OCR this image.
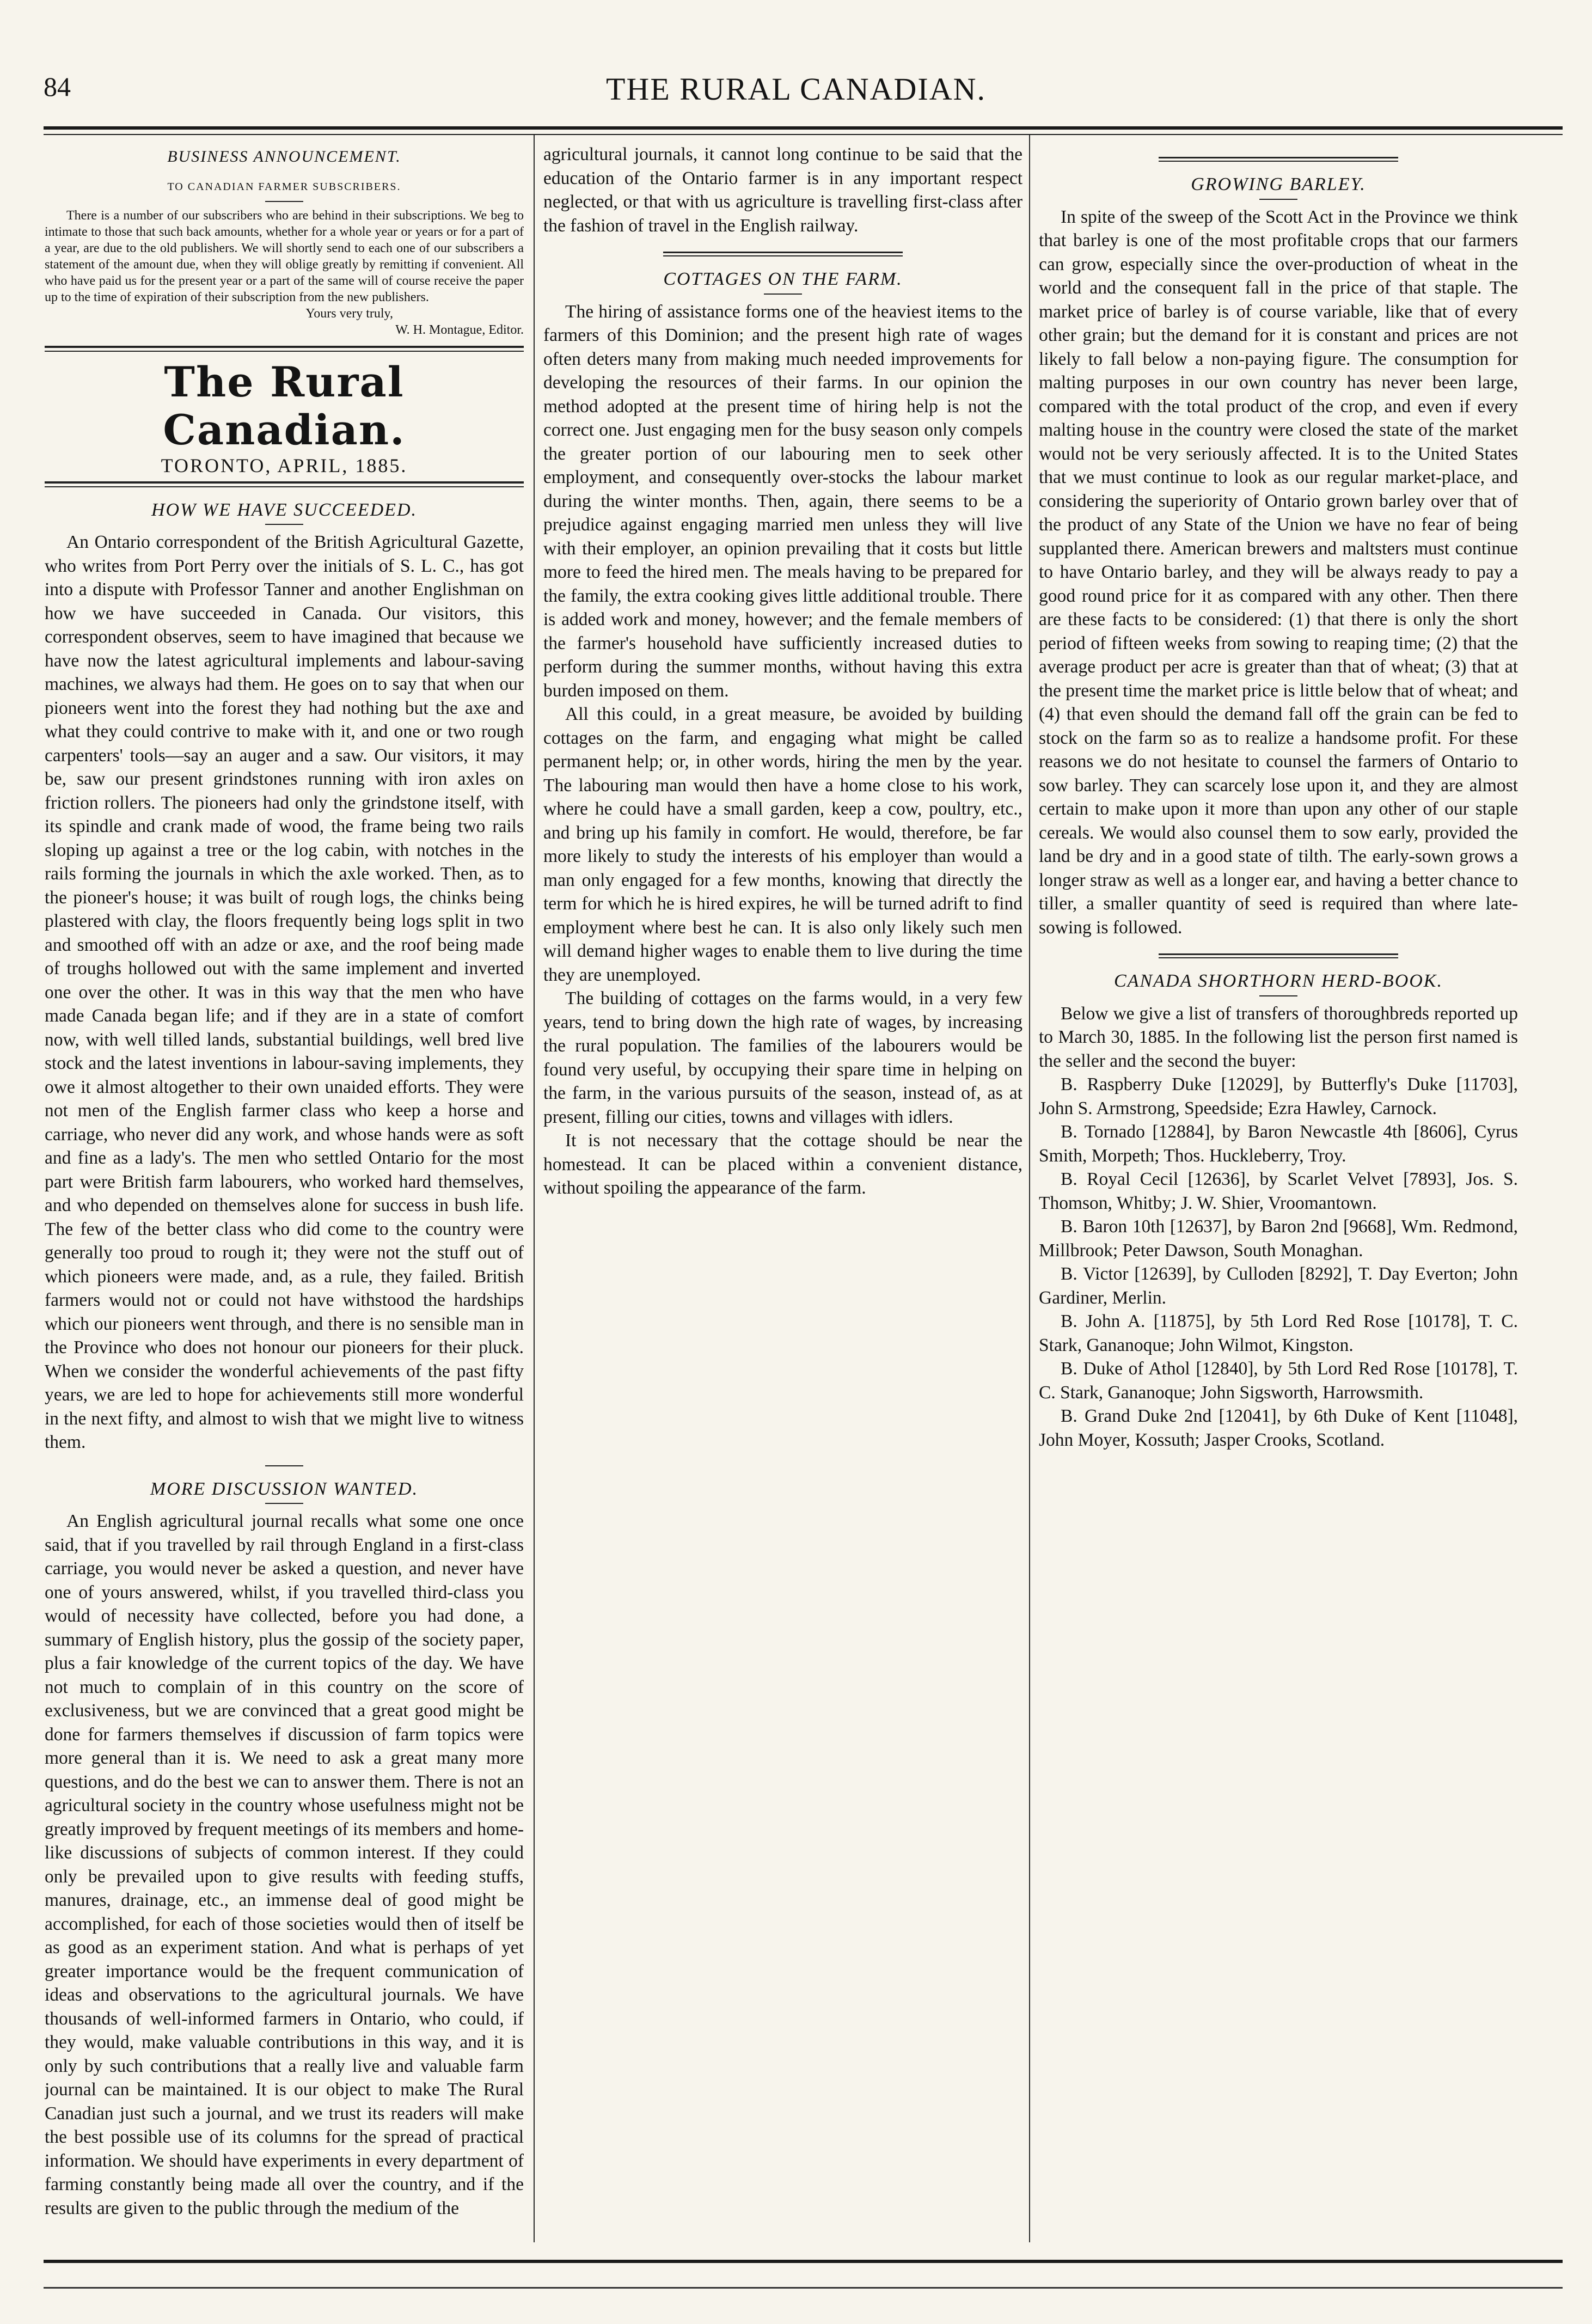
84	THE RURAL CANADIAN.
BUSINESS ANNOUNCEMENT.
TO CANADIAN FARMER SUBSCRIBERS.

There is a number of our subscribers who are behind in their subscriptions. We beg to intimate to those that such back amounts, whether for a whole year or years or for a part of a year, are due to the old publishers. We will shortly send to each one of our subscribers a statement of the amount due, when they will oblige greatly by remitting if convenient. All who have paid us for the present year or a part of the same will of course receive the paper up to the time of expiration of their subscription from the new publishers.

Yours very truly,
W. H. Montague, Editor.
The Rural Canadian.
TORONTO, APRIL, 1885.
HOW WE HAVE SUCCEEDED.

An Ontario correspondent of the British Agricultural Gazette, who writes from Port Perry over the initials of S. L. C., has got into a dispute with Professor Tanner and another Englishman on how we have succeeded in Canada. Our visitors, this correspondent observes, seem to have imagined that because we have now the latest agricultural implements and labour-saving machines, we always had them. He goes on to say that when our pioneers went into the forest they had nothing but the axe and what they could contrive to make with it, and one or two rough carpenters' tools—say an auger and a saw. Our visitors, it may be, saw our present grindstones running with iron axles on friction rollers. The pioneers had only the grindstone itself, with its spindle and crank made of wood, the frame being two rails sloping up against a tree or the log cabin, with notches in the rails forming the journals in which the axle worked. Then, as to the pioneer's house; it was built of rough logs, the chinks being plastered with clay, the floors frequently being logs split in two and smoothed off with an adze or axe, and the roof being made of troughs hollowed out with the same implement and inverted one over the other. It was in this way that the men who have made Canada began life; and if they are in a state of comfort now, with well tilled lands, substantial buildings, well bred live stock and the latest inventions in labour-saving implements, they owe it almost altogether to their own unaided efforts. They were not men of the English farmer class who keep a horse and carriage, who never did any work, and whose hands were as soft and fine as a lady's. The men who settled Ontario for the most part were British farm labourers, who worked hard themselves, and who depended on themselves alone for success in bush life. The few of the better class who did come to the country were generally too proud to rough it; they were not the stuff out of which pioneers were made, and, as a rule, they failed. British farmers would not or could not have withstood the hardships which our pioneers went through, and there is no sensible man in the Province who does not honour our pioneers for their pluck. When we consider the wonderful achievements of the past fifty years, we are led to hope for achievements still more wonderful in the next fifty, and almost to wish that we might live to witness them.

MORE DISCUSSION WANTED.

An English agricultural journal recalls what some one once said, that if you travelled by rail through England in a first-class carriage, you would never be asked a question, and never have one of yours answered, whilst, if you travelled third-class you would of necessity have collected, before you had done, a summary of English history, plus the gossip of the society paper, plus a fair knowledge of the current topics of the day. We have not much to complain of in this country on the score of exclusiveness, but we are convinced that a great good might be done for farmers themselves if discussion of farm topics were more general than it is. We need to ask a great many more questions, and do the best we can to answer them. There is not an agricultural society in the country whose usefulness might not be greatly improved by frequent meetings of its members and home-like discussions of subjects of common interest. If they could only be prevailed upon to give results with feeding stuffs, manures, drainage, etc., an immense deal of good might be accomplished, for each of those societies would then of itself be as good as an experiment station. And what is perhaps of yet greater importance would be the frequent communication of ideas and observations to the agricultural journals. We have thousands of well-informed farmers in Ontario, who could, if they would, make valuable contributions in this way, and it is only by such contributions that a really live and valuable farm journal can be maintained. It is our object to make The Rural Canadian just such a journal, and we trust its readers will make the best possible use of its columns for the spread of practical information. We should have experiments in every department of farming constantly being made all over the country, and if the results are given to the public through the medium of the

agricultural journals, it cannot long continue to be said that the education of the Ontario farmer is in any important respect neglected, or that with us agriculture is travelling first-class after the fashion of travel in the English railway.

COTTAGES ON THE FARM.

The hiring of assistance forms one of the heaviest items to the farmers of this Dominion; and the present high rate of wages often deters many from making much needed improvements for developing the resources of their farms. In our opinion the method adopted at the present time of hiring help is not the correct one. Just engaging men for the busy season only compels the greater portion of our labouring men to seek other employment, and consequently over-stocks the labour market during the winter months. Then, again, there seems to be a prejudice against engaging married men unless they will live with their employer, an opinion prevailing that it costs but little more to feed the hired men. The meals having to be prepared for the family, the extra cooking gives little additional trouble. There is added work and money, however; and the female members of the farmer's household have sufficiently increased duties to perform during the summer months, without having this extra burden imposed on them.

All this could, in a great measure, be avoided by building cottages on the farm, and engaging what might be called permanent help; or, in other words, hiring the men by the year. The labouring man would then have a home close to his work, where he could have a small garden, keep a cow, poultry, etc., and bring up his family in comfort. He would, therefore, be far more likely to study the interests of his employer than would a man only engaged for a few months, knowing that directly the term for which he is hired expires, he will be turned adrift to find employment where best he can. It is also only likely such men will demand higher wages to enable them to live during the time they are unemployed.

The building of cottages on the farms would, in a very few years, tend to bring down the high rate of wages, by increasing the rural population. The families of the labourers would be found very useful, by occupying their spare time in helping on the farm, in the various pursuits of the season, instead of, as at present, filling our cities, towns and villages with idlers.

It is not necessary that the cottage should be near the homestead. It can be placed within a convenient distance, without spoiling the appearance of the farm.

GROWING BARLEY.

In spite of the sweep of the Scott Act in the Province we think that barley is one of the most profitable crops that our farmers can grow, especially since the over-production of wheat in the world and the consequent fall in the price of that staple. The market price of barley is of course variable, like that of every other grain; but the demand for it is constant and prices are not likely to fall below a non-paying figure. The consumption for malting purposes in our own country has never been large, compared with the total product of the crop, and even if every malting house in the country were closed the state of the market would not be very seriously affected. It is to the United States that we must continue to look as our regular market-place, and considering the superiority of Ontario grown barley over that of the product of any State of the Union we have no fear of being supplanted there. American brewers and maltsters must continue to have Ontario barley, and they will be always ready to pay a good round price for it as compared with any other. Then there are these facts to be considered: (1) that there is only the short period of fifteen weeks from sowing to reaping time; (2) that the average product per acre is greater than that of wheat; (3) that at the present time the market price is little below that of wheat; and (4) that even should the demand fall off the grain can be fed to stock on the farm so as to realize a handsome profit. For these reasons we do not hesitate to counsel the farmers of Ontario to sow barley. They can scarcely lose upon it, and they are almost certain to make upon it more than upon any other of our staple cereals. We would also counsel them to sow early, provided the land be dry and in a good state of tilth. The early-sown grows a longer straw as well as a longer ear, and having a better chance to tiller, a smaller quantity of seed is required than where late-sowing is followed.

CANADA SHORTHORN HERD-BOOK.

Below we give a list of transfers of thoroughbreds reported up to March 30, 1885. In the following list the person first named is the seller and the second the buyer:

B. Raspberry Duke [12029], by Butterfly's Duke [11703], John S. Armstrong, Speedside; Ezra Hawley, Carnock.

B. Tornado [12884], by Baron Newcastle 4th [8606], Cyrus Smith, Morpeth; Thos. Huckleberry, Troy.

B. Royal Cecil [12636], by Scarlet Velvet [7893], Jos. S. Thomson, Whitby; J. W. Shier, Vroomantown.

B. Baron 10th [12637], by Baron 2nd [9668], Wm. Redmond, Millbrook; Peter Dawson, South Monaghan.

B. Victor [12639], by Culloden [8292], T. Day Everton; John Gardiner, Merlin.

B. John A. [11875], by 5th Lord Red Rose [10178], T. C. Stark, Gananoque; John Wilmot, Kingston.

B. Duke of Athol [12840], by 5th Lord Red Rose [10178], T. C. Stark, Gananoque; John Sigsworth, Harrowsmith.

B. Grand Duke 2nd [12041], by 6th Duke of Kent [11048], John Moyer, Kossuth; Jasper Crooks, Scotland.
